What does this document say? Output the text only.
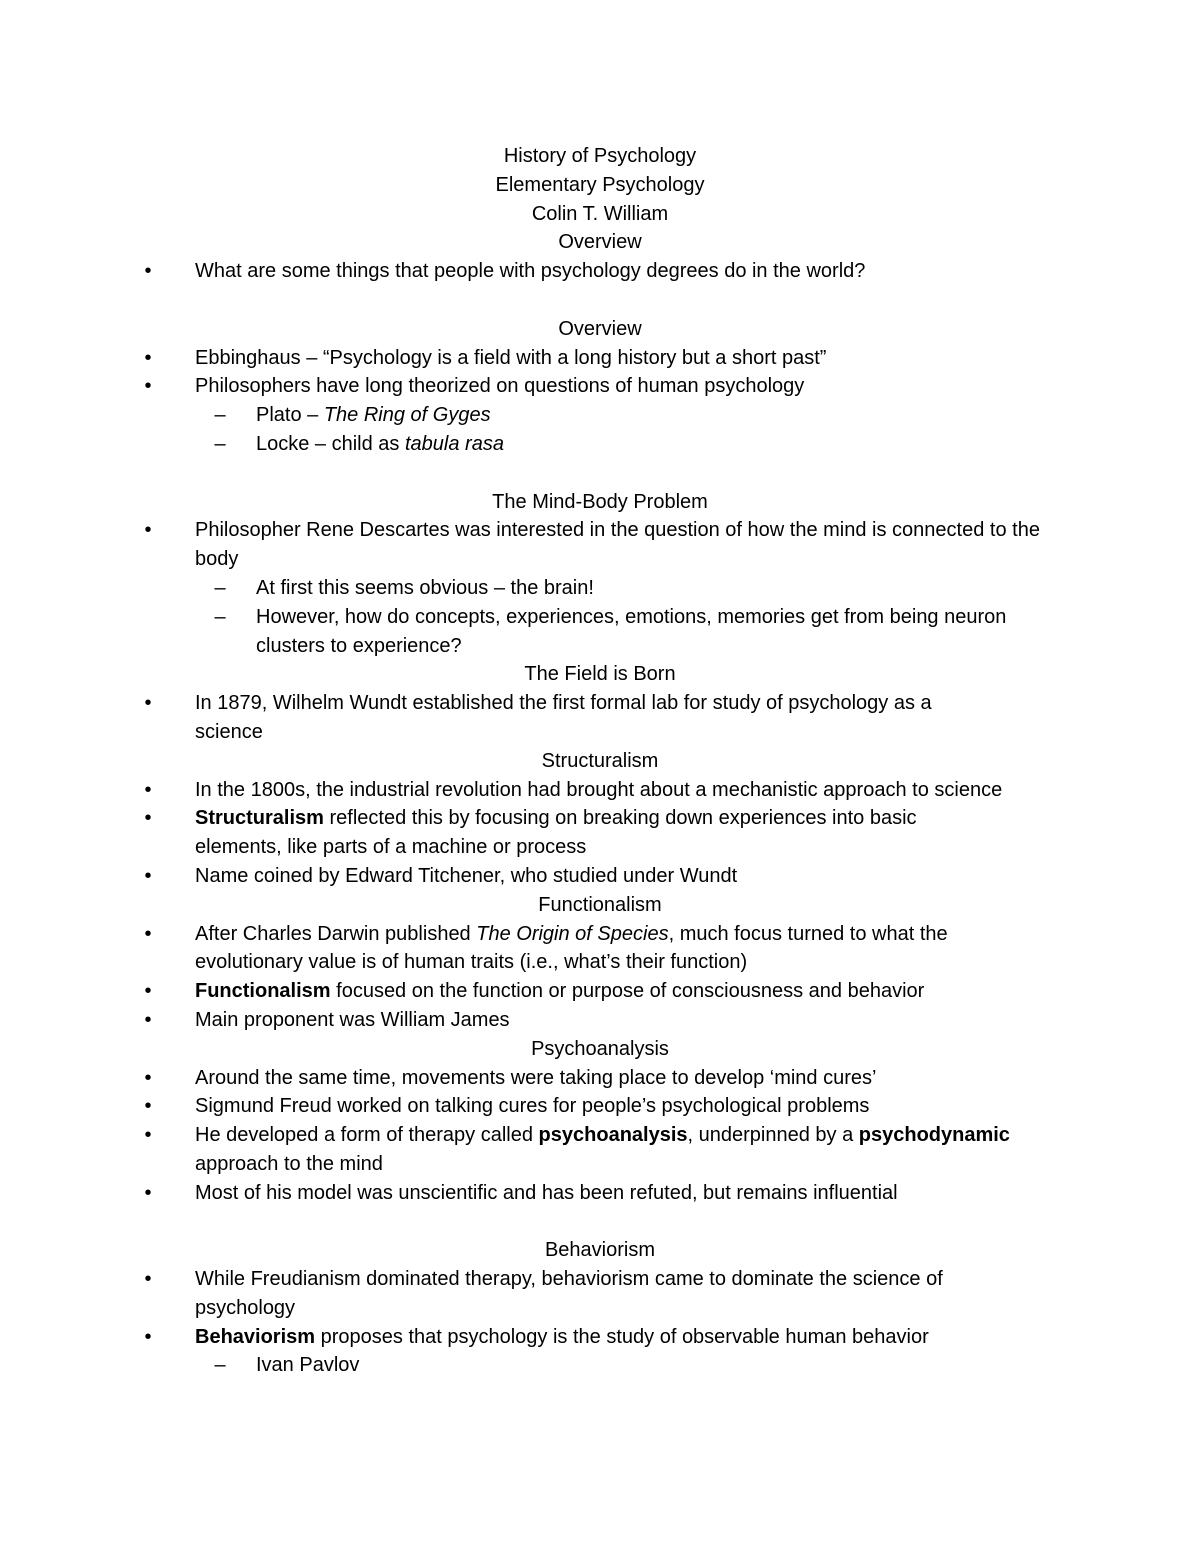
History of Psychology

Elementary Psychology

Colin T. William

Overview

• What are some things that people with psychology degrees do in the world?

Overview

• Ebbinghaus – “Psychology is a field with a long history but a short past”
• Philosophers have long theorized on questions of human psychology
– Plato – The Ring of Gyges
– Locke – child as tabula rasa

The Mind-Body Problem

• Philosopher Rene Descartes was interested in the question of how the mind is connected to the body
– At first this seems obvious – the brain!
– However, how do concepts, experiences, emotions, memories get from being neuron clusters to experience?

The Field is Born

• In 1879, Wilhelm Wundt established the first formal lab for study of psychology as a science

Structuralism

• In the 1800s, the industrial revolution had brought about a mechanistic approach to science
• Structuralism reflected this by focusing on breaking down experiences into basic elements, like parts of a machine or process
• Name coined by Edward Titchener, who studied under Wundt

Functionalism

• After Charles Darwin published The Origin of Species, much focus turned to what the evolutionary value is of human traits (i.e., what’s their function)
• Functionalism focused on the function or purpose of consciousness and behavior
• Main proponent was William James

Psychoanalysis

• Around the same time, movements were taking place to develop ‘mind cures’
• Sigmund Freud worked on talking cures for people’s psychological problems
• He developed a form of therapy called psychoanalysis, underpinned by a psychodynamic approach to the mind
• Most of his model was unscientific and has been refuted, but remains influential

Behaviorism

• While Freudianism dominated therapy, behaviorism came to dominate the science of psychology
• Behaviorism proposes that psychology is the study of observable human behavior
– Ivan Pavlov
